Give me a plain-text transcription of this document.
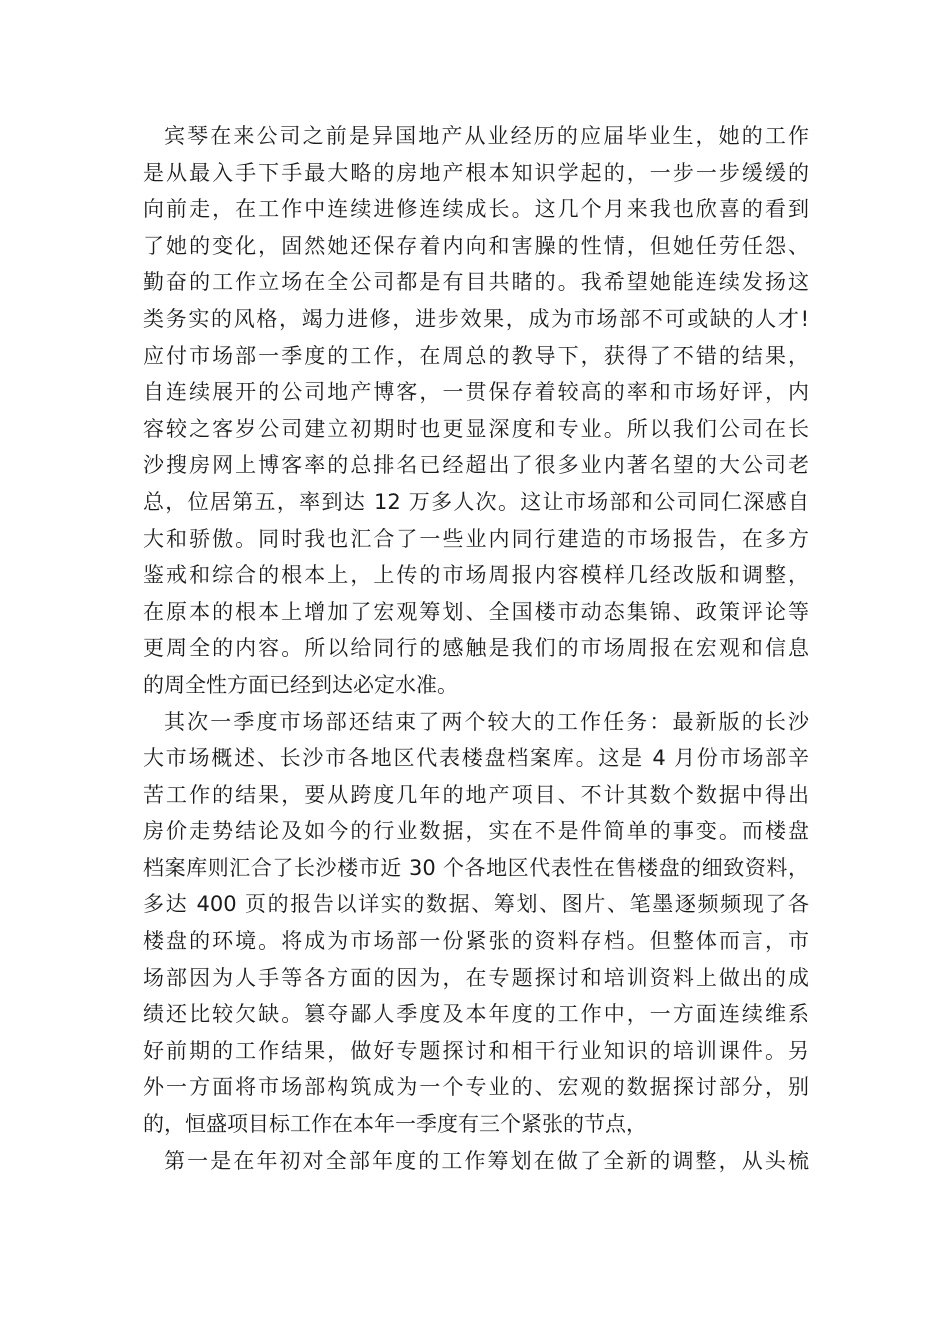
宾琴在来公司之前是异国地产从业经历的应届毕业生，她的工作
是从最入手下手最大略的房地产根本知识学起的，一步一步缓缓的
向前走，在工作中连续进修连续成长。这几个月来我也欣喜的看到
了她的变化，固然她还保存着内向和害臊的性情，但她任劳任怨、
勤奋的工作立场在全公司都是有目共睹的。我希望她能连续发扬这
类务实的风格，竭力进修，进步效果，成为市场部不可或缺的人才!
应付市场部一季度的工作，在周总的教导下，获得了不错的结果，
自连续展开的公司地产博客，一贯保存着较高的率和市场好评，内
容较之客岁公司建立初期时也更显深度和专业。所以我们公司在长
沙搜房网上博客率的总排名已经超出了很多业内著名望的大公司老
总，位居第五，率到达 12 万多人次。这让市场部和公司同仁深感自
大和骄傲。同时我也汇合了一些业内同行建造的市场报告，在多方
鉴戒和综合的根本上，上传的市场周报内容模样几经改版和调整，
在原本的根本上增加了宏观筹划、全国楼市动态集锦、政策评论等
更周全的内容。所以给同行的感触是我们的市场周报在宏观和信息
的周全性方面已经到达必定水准。
其次一季度市场部还结束了两个较大的工作任务：最新版的长沙
大市场概述、长沙市各地区代表楼盘档案库。这是 4 月份市场部辛
苦工作的结果，要从跨度几年的地产项目、不计其数个数据中得出
房价走势结论及如今的行业数据，实在不是件简单的事变。而楼盘
档案库则汇合了长沙楼市近 30 个各地区代表性在售楼盘的细致资料，
多达 400 页的报告以详实的数据、筹划、图片、笔墨逐频频现了各
楼盘的环境。将成为市场部一份紧张的资料存档。但整体而言，市
场部因为人手等各方面的因为，在专题探讨和培训资料上做出的成
绩还比较欠缺。篡夺鄙人季度及本年度的工作中，一方面连续维系
好前期的工作结果，做好专题探讨和相干行业知识的培训课件。另
外一方面将市场部构筑成为一个专业的、宏观的数据探讨部分，别
的，恒盛项目标工作在本年一季度有三个紧张的节点，
第一是在年初对全部年度的工作筹划在做了全新的调整，从头梳
